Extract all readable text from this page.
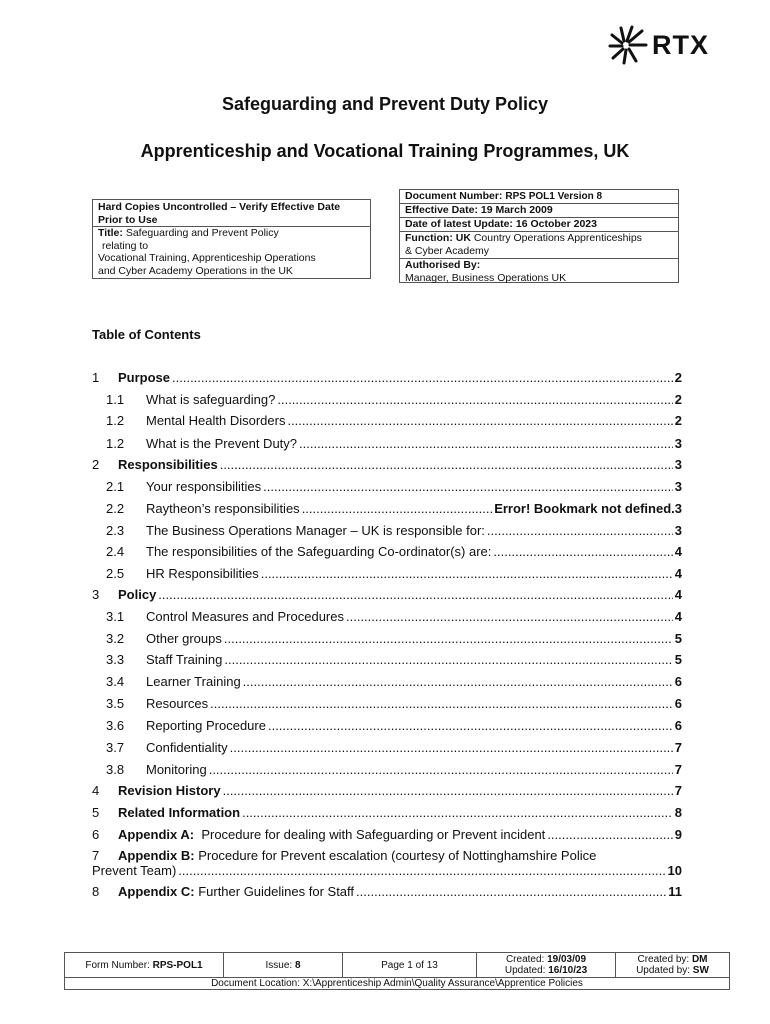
RTX
Safeguarding and Prevent Duty Policy
Apprenticeship and Vocational Training Programmes, UK
Hard Copies Uncontrolled – Verify Effective Date Prior to Use
Title: Safeguarding and Prevent Policy
relating to
Vocational Training, Apprenticeship Operations
and Cyber Academy Operations in the UK
Document Number: RPS POL1 Version 8
Effective Date: 19 March 2009
Date of latest Update: 16 October 2023
Function: UK Country Operations Apprenticeships
& Cyber Academy
Authorised By:
Manager, Business Operations UK
Table of Contents
1	Purpose .....	2
1.1	What is safeguarding? .....	2
1.2	Mental Health Disorders .....	2
1.2	What is the Prevent Duty? .....	3
2	Responsibilities .....	3
2.1	Your responsibilities .....	3
2.2	Raytheon’s responsibilities .....	Error! Bookmark not defined.3
2.3	The Business Operations Manager – UK is responsible for: .....	3
2.4	The responsibilities of the Safeguarding Co-ordinator(s) are: .....	4
2.5	HR Responsibilities .....	4
3	Policy .....	4
3.1	Control Measures and Procedures .....	4
3.2	Other groups .....	5
3.3	Staff Training .....	5
3.4	Learner Training .....	6
3.5	Resources .....	6
3.6	Reporting Procedure .....	6
3.7	Confidentiality .....	7
3.8	Monitoring .....	7
4	Revision History .....	7
5	Related Information .....	8
6	Appendix A:
Procedure for dealing with Safeguarding or Prevent incident .....	9
7 Appendix B: Procedure for Prevent escalation (courtesy of Nottinghamshire Police
Prevent Team) .....	10
8	Appendix C:
Further Guidelines for Staff .....	11
Form Number: RPS-POL1	Issue: 8	Page 1 of 13	Created: 19/03/09
Updated: 16/10/23	Created by: DM
Updated by: SW
Document Location: X:\Apprenticeship Admin\Quality Assurance\Apprentice Policies
